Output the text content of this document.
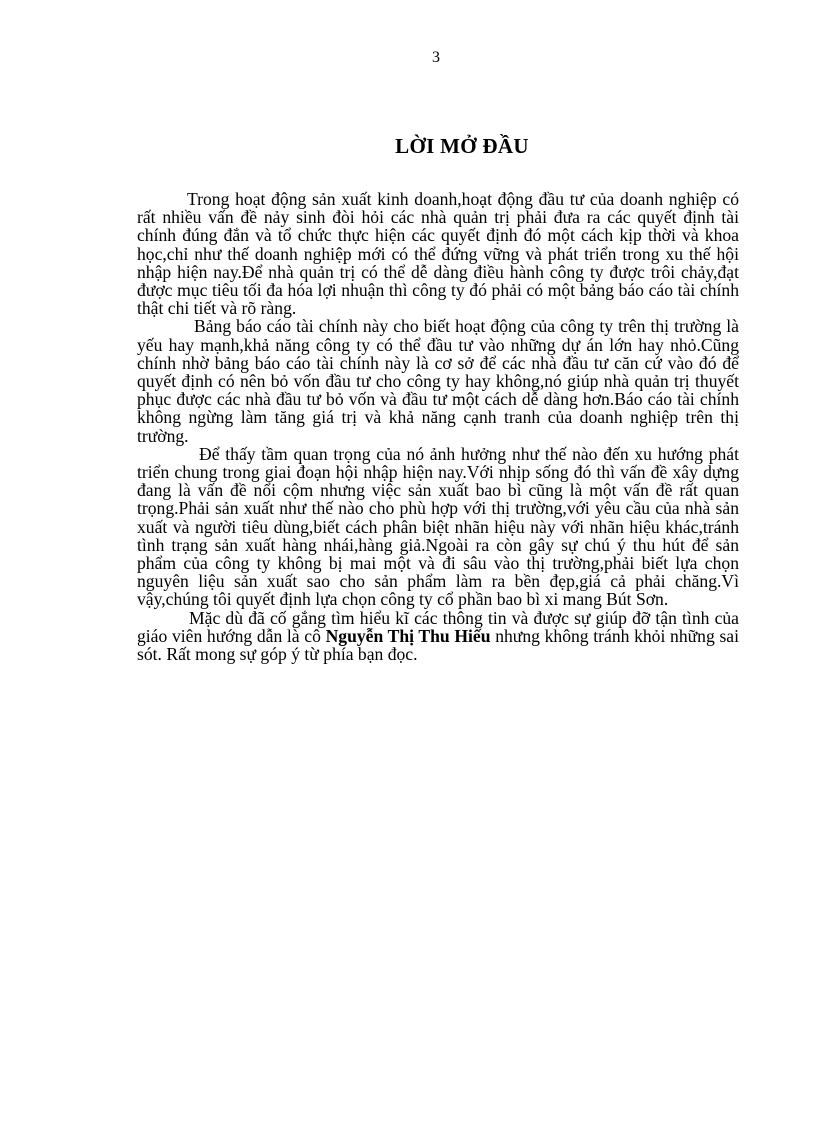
3
LỜI MỞ ĐẦU

Trong hoạt động sản xuất kinh doanh,hoạt động đầu tư của doanh nghiệp có rất nhiều vấn đề nảy sinh đòi hỏi các nhà quản trị phải đưa ra các quyết định tài chính đúng đắn và tổ chức thực hiện các quyết định đó một cách kịp thời và khoa học,chỉ như thế doanh nghiệp mới có thể đứng vững và phát triển trong xu thế hội nhập hiện nay.Để nhà quản trị có thể dễ dàng điều hành công ty được trôi chảy,đạt được mục tiêu tối đa hóa lợi nhuận thì công ty đó phải có một bảng báo cáo tài chính thật chi tiết và rõ ràng.

Bảng báo cáo tài chính này cho biết hoạt động của công ty trên thị trường là yếu hay mạnh,khả năng công ty có thể đầu tư vào những dự án lớn hay nhỏ.Cũng chính nhờ bảng báo cáo tài chính này là cơ sở để các nhà đầu tư căn cứ vào đó để quyết định có nên bỏ vốn đầu tư cho công ty hay không,nó giúp nhà quản trị thuyết phục được các nhà đầu tư bỏ vốn và đầu tư một cách dễ dàng hơn.Báo cáo tài chính không ngừng làm tăng giá trị và khả năng cạnh tranh của doanh nghiệp trên thị trường.

Để thấy tầm quan trọng của nó ảnh hưởng như thế nào đến xu hướng phát triển chung trong giai đoạn hội nhập hiện nay.Với nhịp sống đó thì vấn đề xây dựng đang là vấn đề nổi cộm nhưng việc sản xuất bao bì cũng là một vấn đề rất quan trọng.Phải sản xuất như thế nào cho phù hợp với thị trường,với yêu cầu của nhà sản xuất và người tiêu dùng,biết cách phân biệt nhãn hiệu này với nhãn hiệu khác,tránh tình trạng sản xuất hàng nhái,hàng giả.Ngoài ra còn gây sự chú ý thu hút để sản phẩm của công ty không bị mai một và đi sâu vào thị trường,phải biết lựa chọn nguyên liệu sản xuất sao cho sản phẩm làm ra bền đẹp,giá cả phải chăng.Vì vậy,chúng tôi quyết định lựa chọn công ty cổ phần bao bì xi mang Bút Sơn.

Mặc dù đã cố gắng tìm hiểu kĩ các thông tin và được sự giúp đỡ tận tình của giáo viên hướng dẫn là cô Nguyễn Thị Thu Hiếu nhưng không tránh khỏi những sai sót. Rất mong sự góp ý từ phía bạn đọc.
